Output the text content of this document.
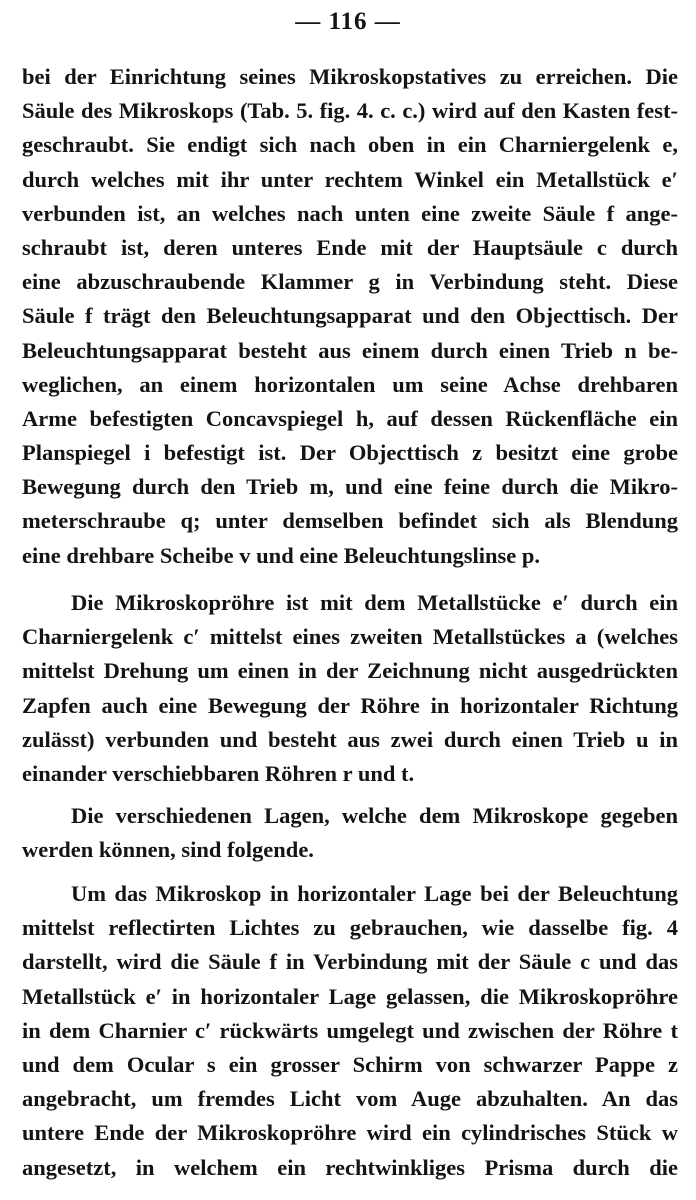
— 116 —
bei der Einrichtung seines Mikroskopstatives zu erreichen. Die
Säule des Mikroskops (Tab. 5. fig. 4. c. c.) wird auf den Kasten fest-
geschraubt. Sie endigt sich nach oben in ein Charniergelenk e,
durch welches mit ihr unter rechtem Winkel ein Metallstück e′
verbunden ist, an welches nach unten eine zweite Säule f ange-
schraubt ist, deren unteres Ende mit der Hauptsäule c durch
eine abzuschraubende Klammer g in Verbindung steht. Diese
Säule f trägt den Beleuchtungsapparat und den Objecttisch. Der
Beleuchtungsapparat besteht aus einem durch einen Trieb n be-
weglichen, an einem horizontalen um seine Achse drehbaren
Arme befestigten Concavspiegel h, auf dessen Rückenfläche ein
Planspiegel i befestigt ist. Der Objecttisch z besitzt eine grobe
Bewegung durch den Trieb m, und eine feine durch die Mikro-
meterschraube q; unter demselben befindet sich als Blendung
eine drehbare Scheibe v und eine Beleuchtungslinse p.
Die Mikroskopröhre ist mit dem Metallstücke e′ durch ein
Charniergelenk c′ mittelst eines zweiten Metallstückes a (welches
mittelst Drehung um einen in der Zeichnung nicht ausgedrückten
Zapfen auch eine Bewegung der Röhre in horizontaler Richtung
zulässt) verbunden und besteht aus zwei durch einen Trieb u in
einander verschiebbaren Röhren r und t.
Die verschiedenen Lagen, welche dem Mikroskope gegeben
werden können, sind folgende.
Um das Mikroskop in horizontaler Lage bei der Beleuchtung
mittelst reflectirten Lichtes zu gebrauchen, wie dasselbe fig. 4
darstellt, wird die Säule f in Verbindung mit der Säule c und das
Metallstück e′ in horizontaler Lage gelassen, die Mikroskopröhre
in dem Charnier c′ rückwärts umgelegt und zwischen der Röhre t
und dem Ocular s ein grosser Schirm von schwarzer Pappe z
angebracht, um fremdes Licht vom Auge abzuhalten. An das
untere Ende der Mikroskopröhre wird ein cylindrisches Stück w
angesetzt, in welchem ein rechtwinkliges Prisma durch die
